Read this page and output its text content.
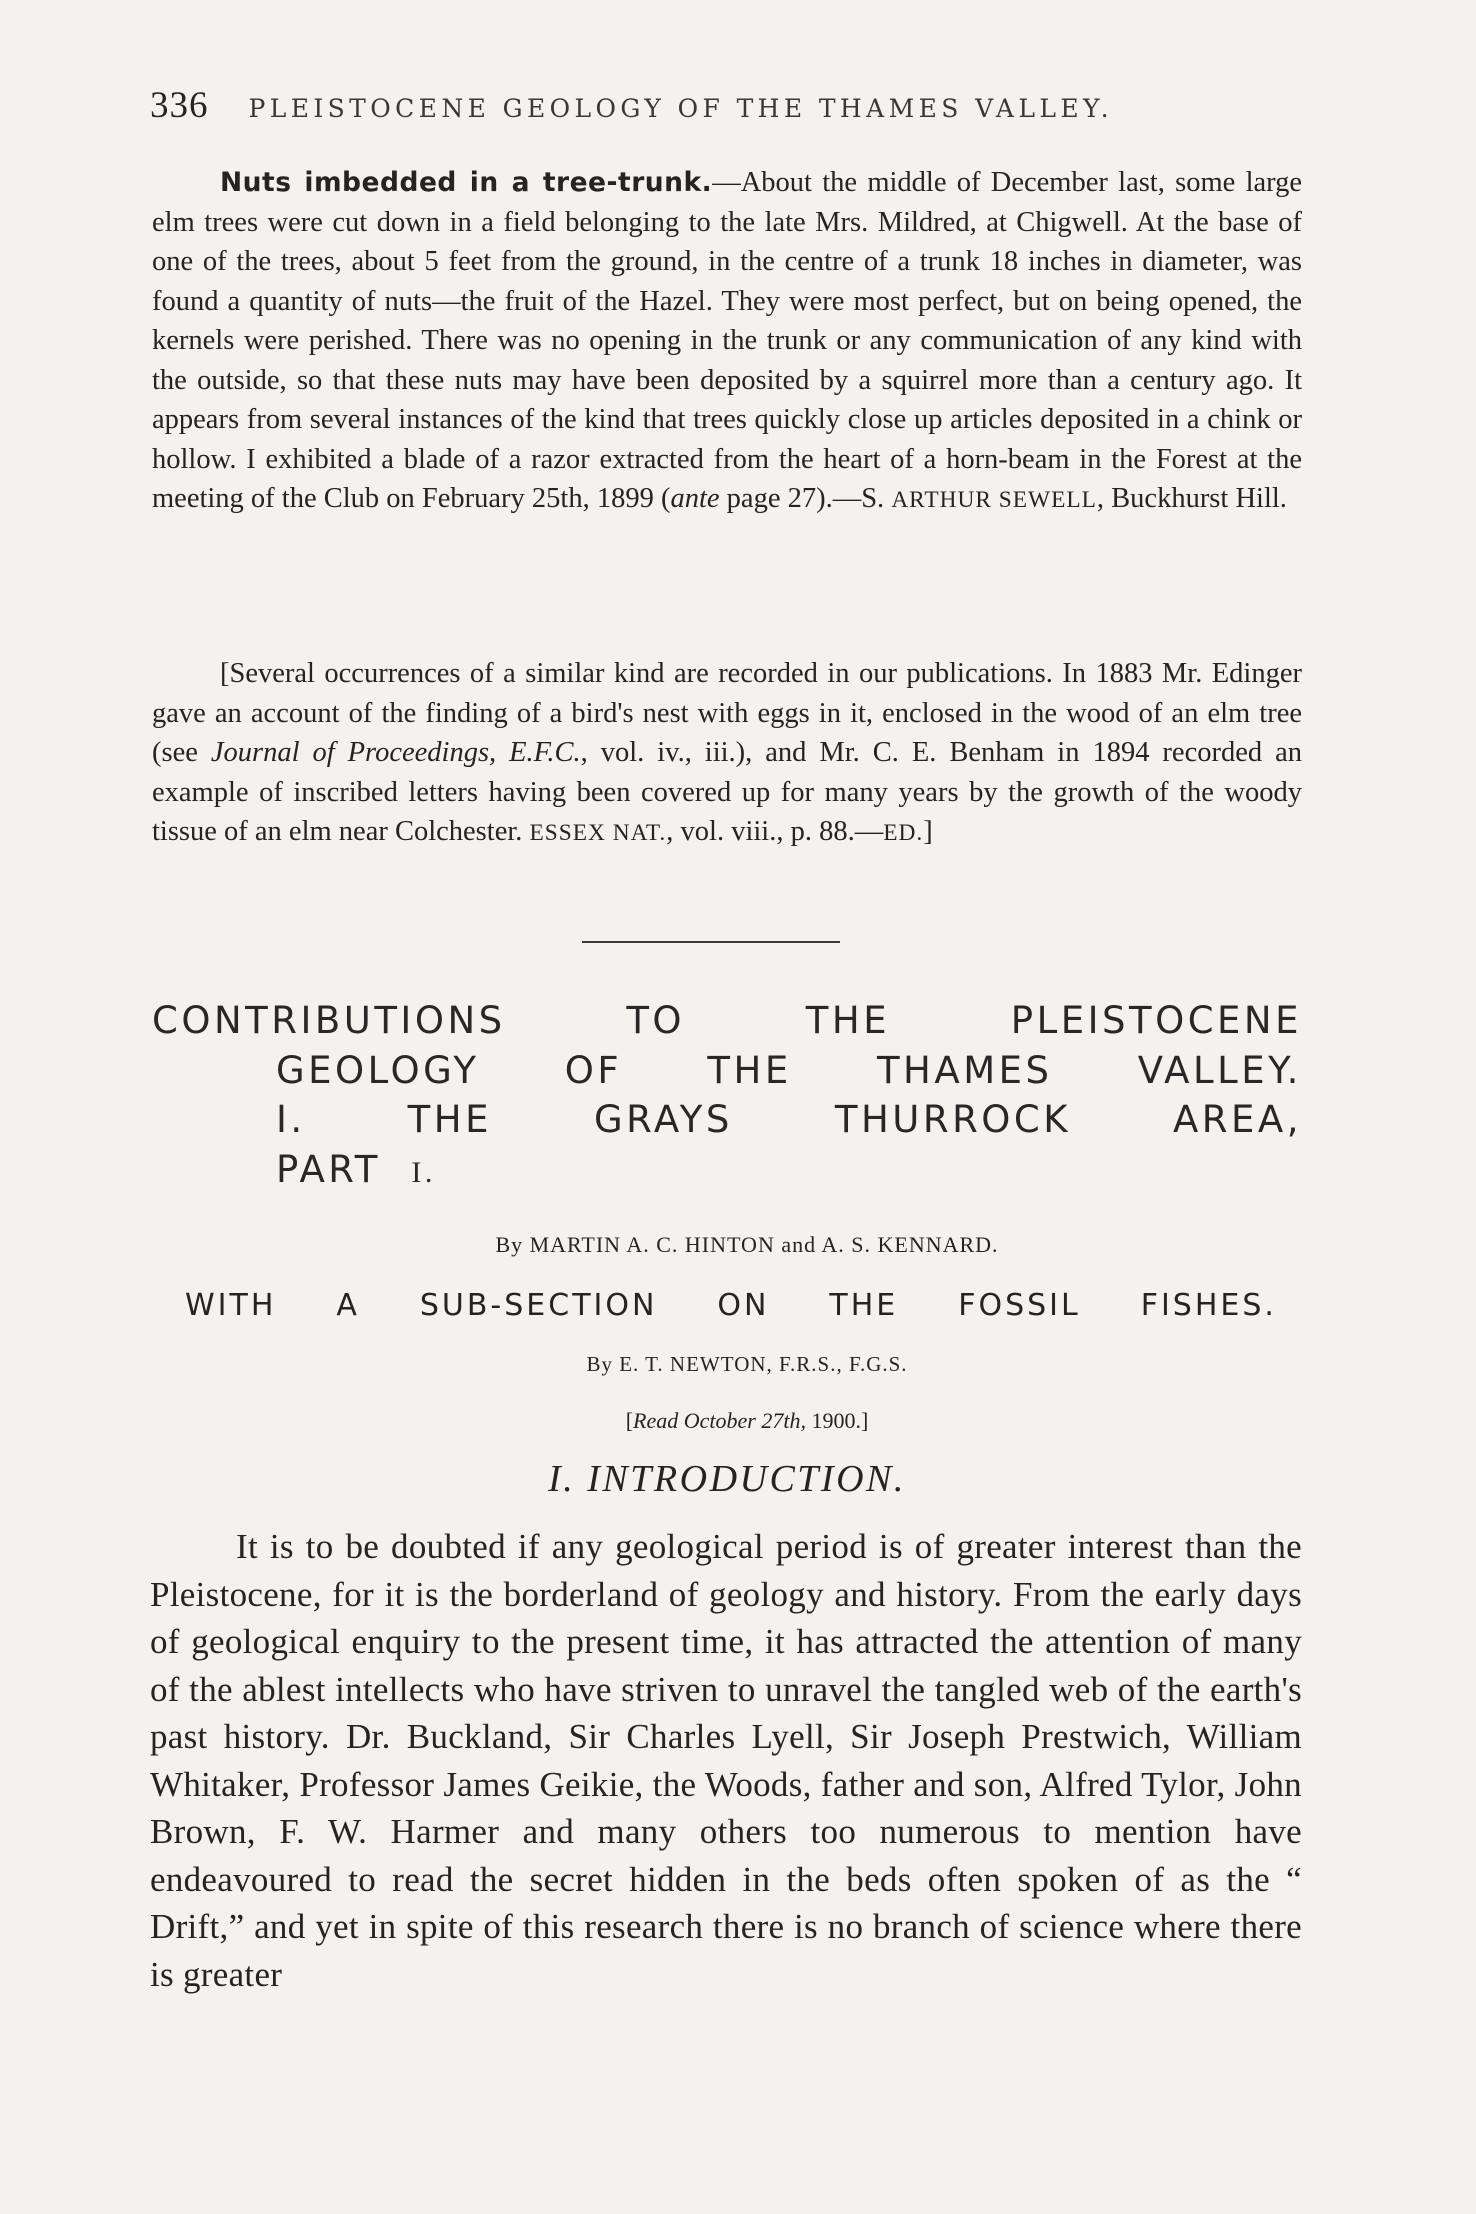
336 PLEISTOCENE GEOLOGY OF THE THAMES VALLEY.

Nuts imbedded in a tree-trunk.—About the middle of December last, some large elm trees were cut down in a field belonging to the late Mrs. Mildred, at Chigwell. At the base of one of the trees, about 5 feet from the ground, in the centre of a trunk 18 inches in diameter, was found a quantity of nuts—the fruit of the Hazel. They were most perfect, but on being opened, the kernels were perished. There was no opening in the trunk or any communication of any kind with the outside, so that these nuts may have been deposited by a squirrel more than a century ago. It appears from several instances of the kind that trees quickly close up articles deposited in a chink or hollow. I exhibited a blade of a razor extracted from the heart of a horn-beam in the Forest at the meeting of the Club on February 25th, 1899 (ante page 27).—S. ARTHUR SEWELL, Buckhurst Hill.

[Several occurrences of a similar kind are recorded in our publications. In 1883 Mr. Edinger gave an account of the finding of a bird's nest with eggs in it, enclosed in the wood of an elm tree (see Journal of Proceedings, E.F.C., vol. iv., iii.), and Mr. C. E. Benham in 1894 recorded an example of inscribed letters having been covered up for many years by the growth of the woody tissue of an elm near Colchester. ESSEX NAT., vol. viii., p. 88.—ED.]

CONTRIBUTIONS	TO	THE	PLEISTOCENE
GEOLOGY OF THE THAMES VALLEY.
I.	THE	GRAYS	THURROCK	AREA,
PART I.
By MARTIN A. C. HINTON and A. S. KENNARD.
WITH A SUB-SECTION ON THE FOSSIL FISHES.
By E. T. NEWTON, F.R.S., F.G.S.
[Read October 27th, 1900.]
I. INTRODUCTION.

It is to be doubted if any geological period is of greater interest than the Pleistocene, for it is the borderland of geology and history. From the early days of geological enquiry to the present time, it has attracted the attention of many of the ablest intellects who have striven to unravel the tangled web of the earth's past history. Dr. Buckland, Sir Charles Lyell, Sir Joseph Prestwich, William Whitaker, Professor James Geikie, the Woods, father and son, Alfred Tylor, John Brown, F. W. Harmer and many others too numerous to mention have endeavoured to read the secret hidden in the beds often spoken of as the “ Drift,” and yet in spite of this research there is no branch of science where there is greater
